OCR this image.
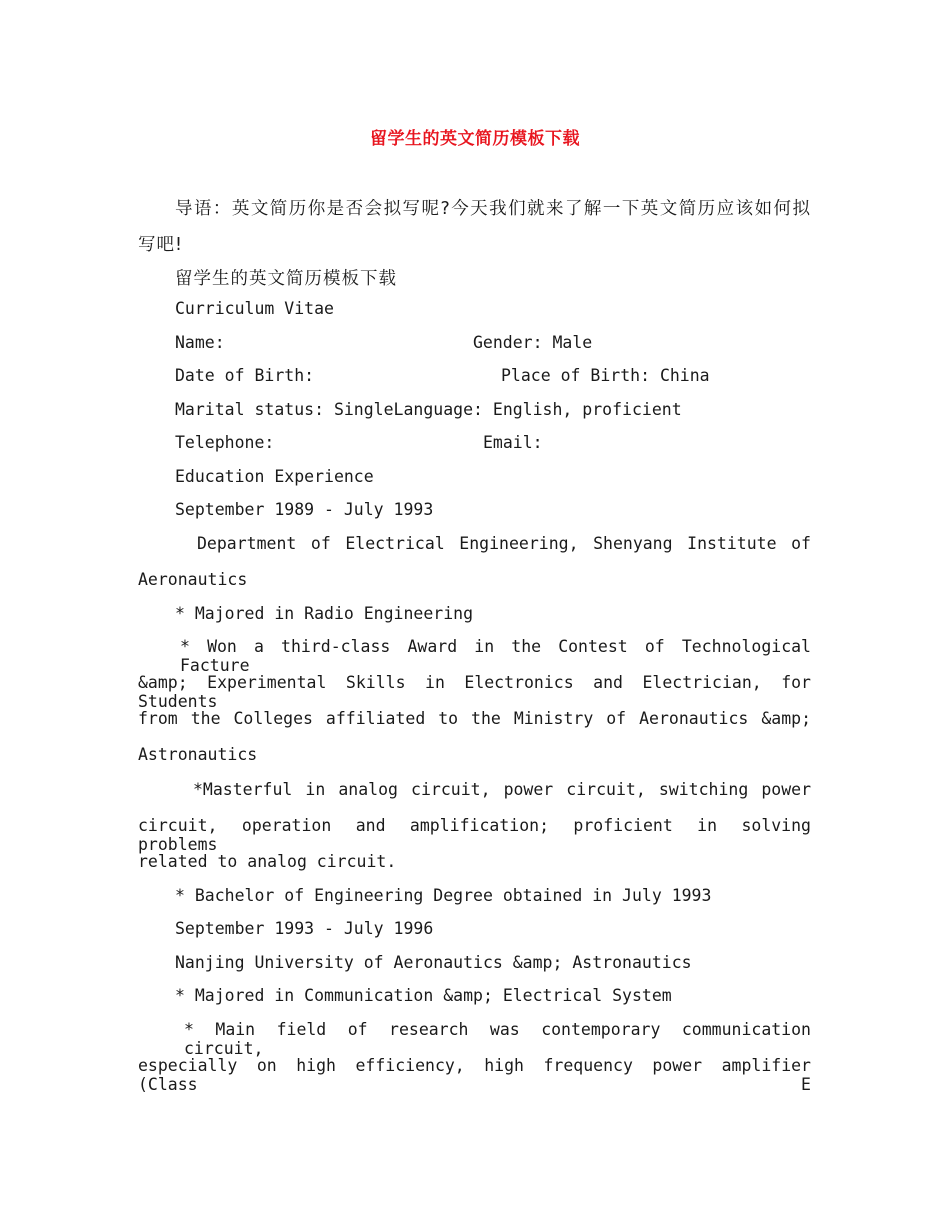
留学生的英文简历模板下载
导语：英文简历你是否会拟写呢?今天我们就来了解一下英文简历应该如何拟
写吧!
留学生的英文简历模板下载
Curriculum Vitae
Name:	Gender: Male
Date of Birth:	Place of Birth: China
Marital status: SingleLanguage: English, proficient
Telephone:	Email:
Education Experience
September 1989 - July 1993
Department of Electrical Engineering, Shenyang Institute of
Aeronautics
* Majored in Radio Engineering
* Won a third-class Award in the Contest of Technological Facture
&amp; Experimental Skills in Electronics and Electrician, for Students
from the Colleges affiliated to the Ministry of Aeronautics &amp;
Astronautics
*Masterful in analog circuit, power circuit, switching power
circuit, operation and amplification; proficient in solving problems
related to analog circuit.
* Bachelor of Engineering Degree obtained in July 1993
September 1993 - July 1996
Nanjing University of Aeronautics &amp; Astronautics
* Majored in Communication &amp; Electrical System
* Main field of research was contemporary communication circuit,
especially on high efficiency, high frequency power amplifier (Class E
